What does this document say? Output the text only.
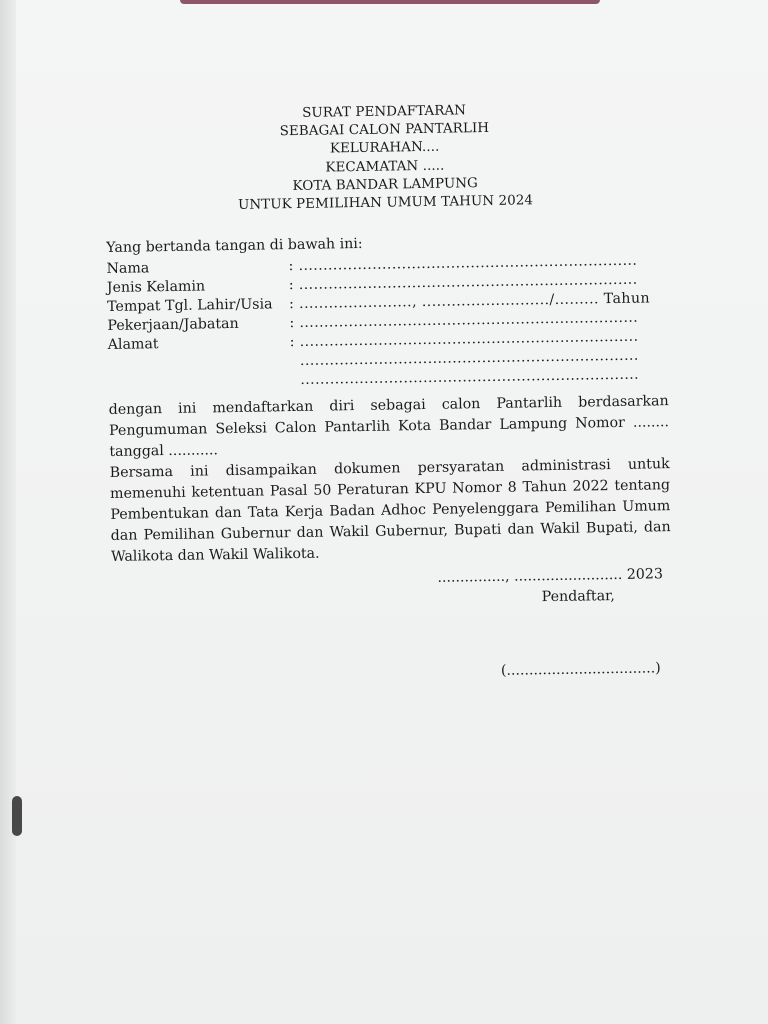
SURAT PENDAFTARAN
SEBAGAI CALON PANTARLIH
KELURAHAN....
KECAMATAN .....
KOTA BANDAR LAMPUNG
UNTUK PEMILIHAN UMUM TAHUN 2024
Yang bertanda tangan di bawah ini:
Nama	: .....................................................................
Jenis Kelamin	: .....................................................................
Tempat Tgl. Lahir/Usia : ......................., ........................../......... Tahun
Pekerjaan/Jabatan	: .....................................................................
Alamat	: .....................................................................
.....................................................................
.....................................................................
dengan ini mendaftarkan diri sebagai calon Pantarlih berdasarkan
Pengumuman Seleksi Calon Pantarlih Kota Bandar Lampung Nomor ........
tanggal ...........
Bersama ini disampaikan dokumen persyaratan administrasi untuk
memenuhi ketentuan Pasal 50 Peraturan KPU Nomor 8 Tahun 2022 tentang
Pembentukan dan Tata Kerja Badan Adhoc Penyelenggara Pemilihan Umum
dan Pemilihan Gubernur dan Wakil Gubernur, Bupati dan Wakil Bupati, dan
Walikota dan Wakil Walikota.
..............., ........................ 2023
Pendaftar,
(.................................)
